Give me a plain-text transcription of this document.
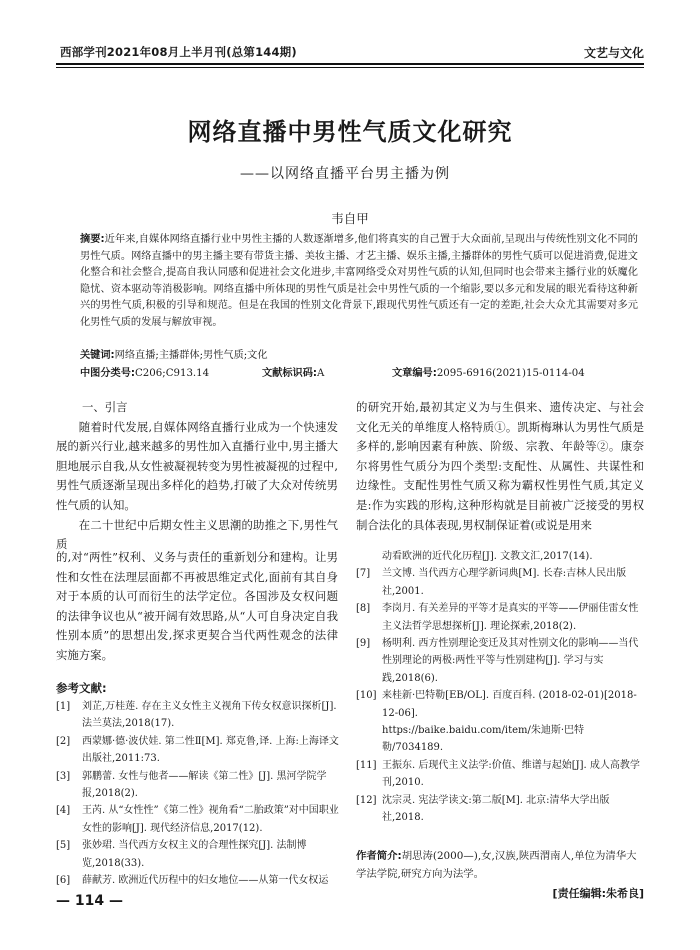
西部学刊2021年08月上半月刊(总第144期)	文艺与文化
网络直播中男性气质文化研究
——以网络直播平台男主播为例
韦自甲
摘要:近年来,自媒体网络直播行业中男性主播的人数逐渐增多,他们将真实的自己置于大众面前,呈现出与传统性别文化不同的男性气质。网络直播中的男主播主要有带货主播、美妆主播、才艺主播、娱乐主播,主播群体的男性气质可以促进消费,促进文化整合和社会整合,提高自我认同感和促进社会文化进步,丰富网络受众对男性气质的认知,但同时也会带来主播行业的妖魔化隐忧、资本驱动等消极影响。网络直播中所体现的男性气质是社会中男性气质的一个缩影,要以多元和发展的眼光看待这种新兴的男性气质,积极的引导和规范。但是在我国的性别文化背景下,跟现代男性气质还有一定的差距,社会大众尤其需要对多元化男性气质的发展与解放审视。
关键词:网络直播;主播群体;男性气质;文化
中图分类号:C206;C913.14	文献标识码:A	文章编号:2095-6916(2021)15-0114-04
一、引言

随着时代发展,自媒体网络直播行业成为一个快速发展的新兴行业,越来越多的男性加入直播行业中,男主播大胆地展示自我,从女性被凝视转变为男性被凝视的过程中,男性气质逐渐呈现出多样化的趋势,打破了大众对传统男性气质的认知。

在二十世纪中后期女性主义思潮的助推之下,男性气质

的研究开始,最初其定义为与生俱来、遗传决定、与社会文化无关的单维度人格特质①。凯斯梅琳认为男性气质是多样的,影响因素有种族、阶级、宗教、年龄等②。康奈尔将男性气质分为四个类型:支配性、从属性、共谋性和边缘性。支配性男性气质又称为霸权性男性气质,其定义是:作为实践的形构,这种形构就是目前被广泛接受的男权制合法化的具体表现,男权制保证着(或说是用来
的,对“两性”权利、义务与责任的重新划分和建构。让男性和女性在法理层面都不再被思维定式化,面前有其自身对于本质的认可而衍生的法学定位。各国涉及女权问题的法律争议也从“被开阔有效思路,从“人可自身决定自我性别本质”的思想出发,探求更契合当代两性观念的法律实施方案。
参考文献:
[1]	刘芷,万桂莲. 存在主义女性主义视角下传女权意识探析[J]. 法兰莫法,2018(17).
[2]	西蒙娜·德·波伏娃. 第二性Ⅱ[M]. 郑克鲁,译. 上海:上海译文出版社,2011:73.
[3]	郭鹏蕾. 女性与他者——解读《第二性》[J]. 黑河学院学报,2018(2).
[4]	王芮. 从“女性性”《第二性》视角看“二胎政策”对中国职业女性的影响[J]. 现代经济信息,2017(12).
[5]	张妙珺. 当代西方女权主义的合理性探究[J]. 法制博览,2018(33).
[6]	薛献芳. 欧洲近代历程中的妇女地位——从第一代女权运
动看欧洲的近代化历程[J]. 文教文汇,2017(14).
[7]	兰文博. 当代西方心理学新词典[M]. 长春:吉林人民出版社,2001.
[8]	李岗月. 有关差异的平等才是真实的平等——伊丽佳雷女性主义法哲学思想探析[J]. 理论探索,2018(2).
[9]	杨明利. 西方性别理论变迁及其对性别文化的影响——当代性别理论的两极:两性平等与性别建构[J]. 学习与实践,2018(6).
[10] 来桂新·巴特勒[EB/OL]. 百度百科. (2018-02-01)[2018-12-06].
https://baike.baidu.com/item/朱迪斯·巴特勒/7034189.
[11] 王振东. 后现代主义法学:价值、维谱与起始[J]. 成人高教学刊,2010.
[12] 沈宗灵. 宪法学读文:第二版[M]. 北京:清华大学出版社,2018.
作者简介:胡思涛(2000—),女,汉族,陕西渭南人,单位为清华大学法学院,研究方向为法学。
[责任编辑:朱希良]
— 114 —
